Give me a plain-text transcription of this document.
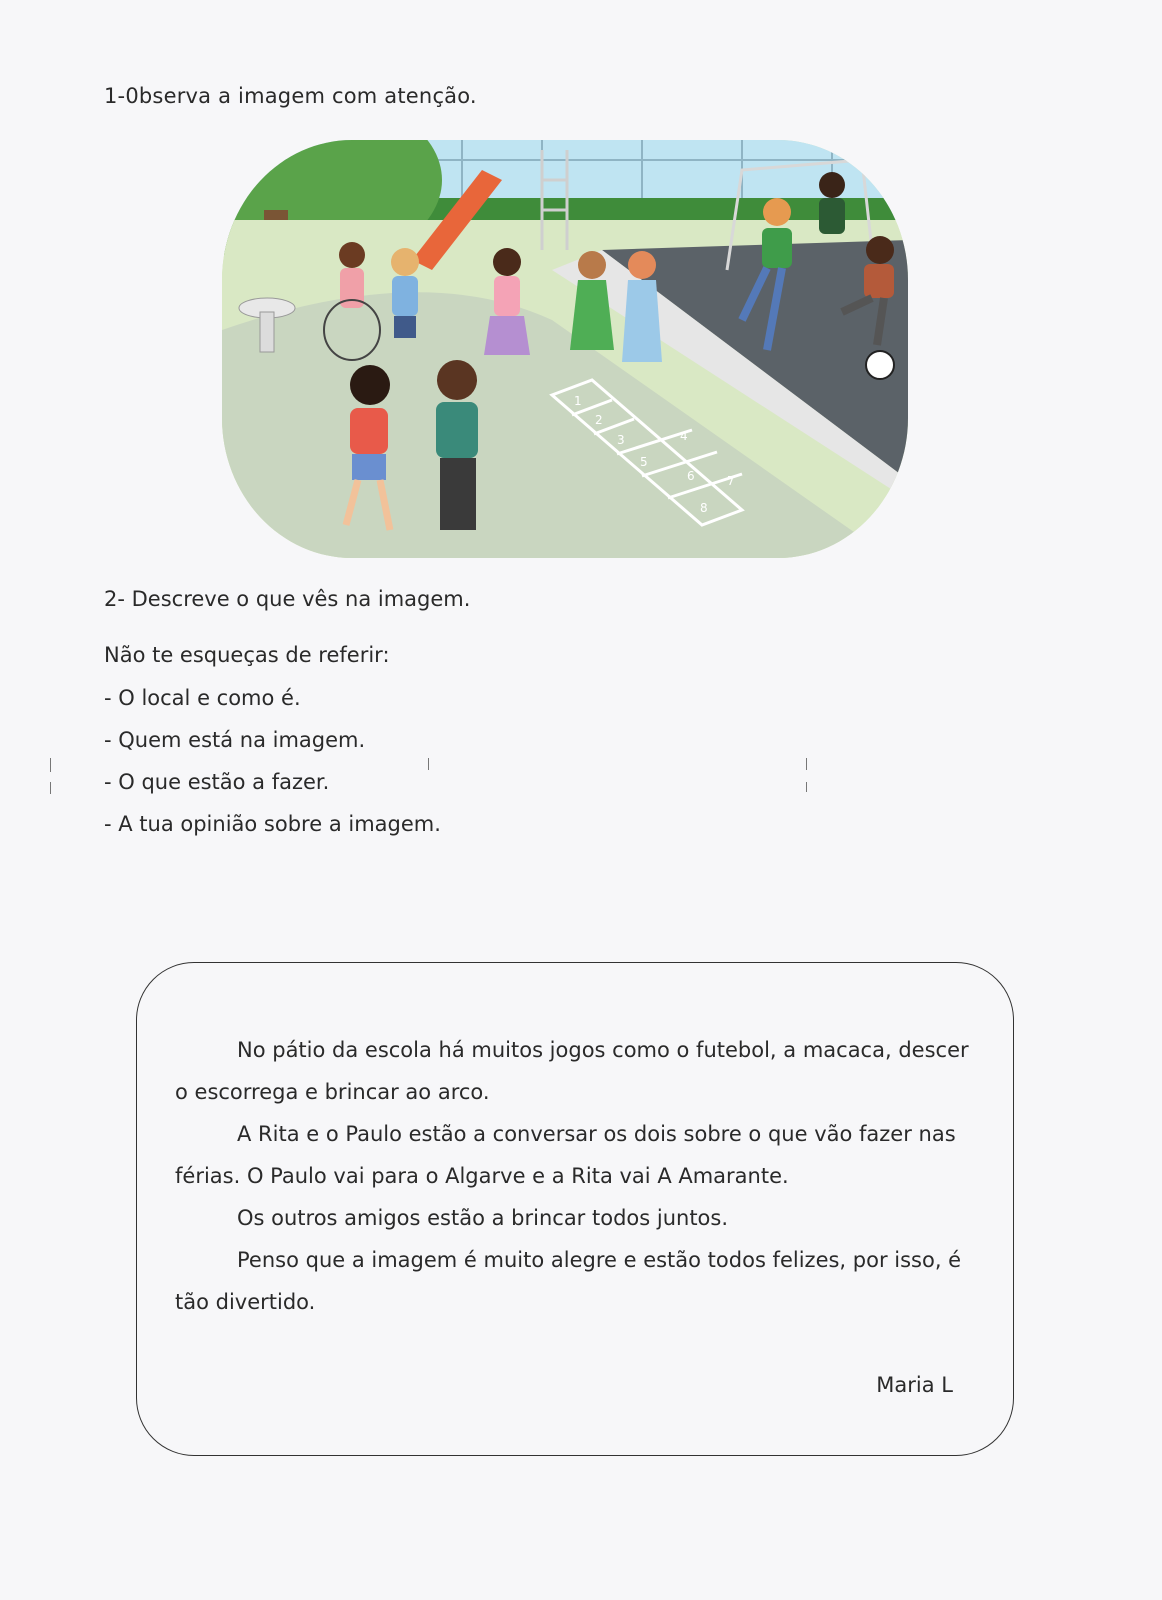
1-0bserva a imagem com atenção.
1
2
3	4
5
6	7
8
2- Descreve o que vês na imagem.
Não te esqueças de referir:
- O local e como é.
- Quem está na imagem.
- O que estão a fazer.
- A tua opinião sobre a imagem.

No pátio da escola há muitos jogos como o futebol, a macaca, descer o escorrega e brincar ao arco.

A Rita e o Paulo estão a conversar os dois sobre o que vão fazer nas férias. O Paulo vai para o Algarve e a Rita vai A Amarante.

Os outros amigos estão a brincar todos juntos.

Penso que a imagem é muito alegre e estão todos felizes, por isso, é tão divertido.

Maria L
